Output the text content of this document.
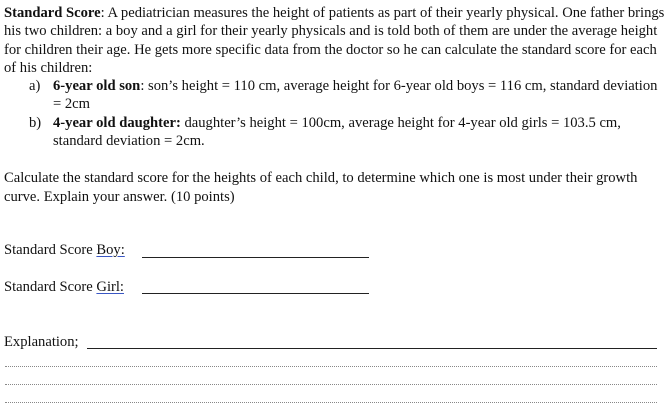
Standard Score: A pediatrician measures the height of patients as part of their yearly physical. One father brings his two children: a boy and a girl for their yearly physicals and is told both of them are under the average height for children their age. He gets more specific data from the doctor so he can calculate the standard score for each of his children:

a) 6-year old son: son’s height = 110 cm, average height for 6-year old boys = 116 cm, standard deviation = 2cm
b) 4-year old daughter: daughter’s height = 100cm, average height for 4-year old girls = 103.5 cm, standard deviation = 2cm.

Calculate the standard score for the heights of each child, to determine which one is most under their growth curve. Explain your answer. (10 points)

Standard Score Boy:
Standard Score Girl:
Explanation;
